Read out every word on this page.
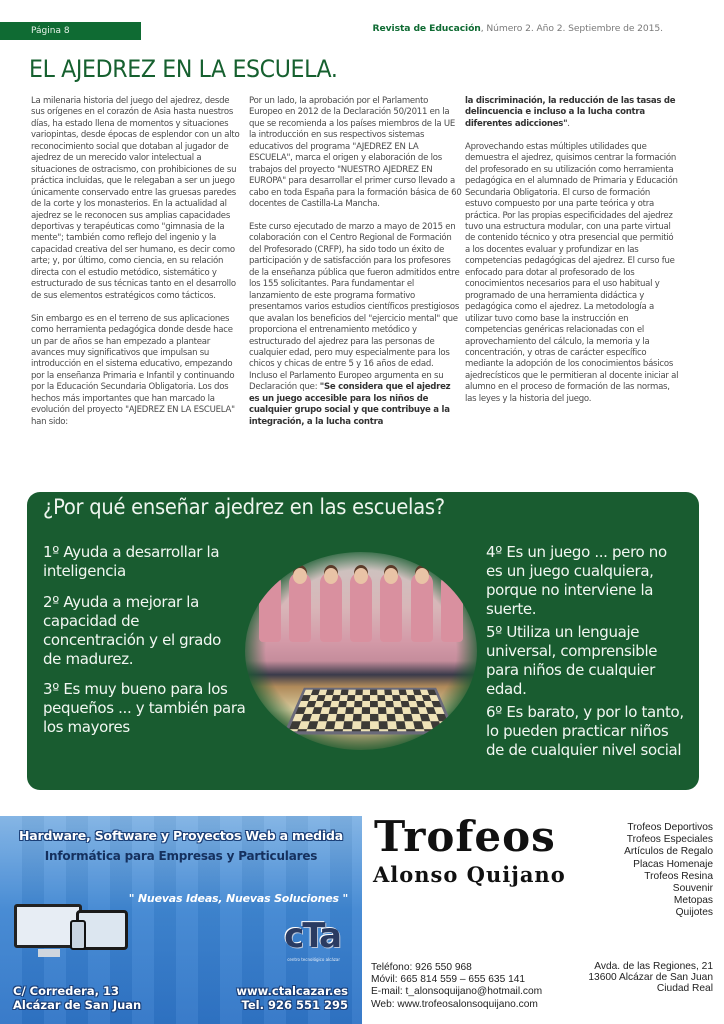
Página 8	Revista de Educación, Número 2. Año 2. Septiembre de 2015.
EL AJEDREZ EN LA ESCUELA.

La milenaria historia del juego del ajedrez, desde sus orígenes en el corazón de Asia hasta nuestros días, ha estado llena de momentos y situaciones variopintas, desde épocas de esplendor con un alto reconocimiento social que dotaban al jugador de ajedrez de un merecido valor intelectual a situaciones de ostracismo, con prohibiciones de su práctica incluidas, que le relegaban a ser un juego únicamente conservado entre las gruesas paredes de la corte y los monasterios. En la actualidad al ajedrez se le reconocen sus amplias capacidades deportivas y terapéuticas como "gimnasia de la mente"; también como reflejo del ingenio y la capacidad creativa del ser humano, es decir como arte; y, por último, como ciencia, en su relación directa con el estudio metódico, sistemático y estructurado de sus técnicas tanto en el desarrollo de sus elementos estratégicos como tácticos.

Sin embargo es en el terreno de sus aplicaciones como herramienta pedagógica donde desde hace un par de años se han empezado a plantear avances muy significativos que impulsan su introducción en el sistema educativo, empezando por la enseñanza Primaria e Infantil y continuando por la Educación Secundaria Obligatoria. Los dos hechos más importantes que han marcado la evolución del proyecto "AJEDREZ EN LA ESCUELA" han sido:

Por un lado, la aprobación por el Parlamento Europeo en 2012 de la Declaración 50/2011 en la que se recomienda a los países miembros de la UE la introducción en sus respectivos sistemas educativos del programa "AJEDREZ EN LA ESCUELA", marca el origen y elaboración de los trabajos del proyecto "NUESTRO AJEDREZ EN EUROPA" para desarrollar el primer curso llevado a cabo en toda España para la formación básica de 60 docentes de Castilla-La Mancha.

Este curso ejecutado de marzo a mayo de 2015 en colaboración con el Centro Regional de Formación del Profesorado (CRFP), ha sido todo un éxito de participación y de satisfacción para los profesores de la enseñanza pública que fueron admitidos entre los 155 solicitantes. Para fundamentar el lanzamiento de este programa formativo presentamos varios estudios científicos prestigiosos que avalan los beneficios del "ejercicio mental" que proporciona el entrenamiento metódico y estructurado del ajedrez para las personas de cualquier edad, pero muy especialmente para los chicos y chicas de entre 5 y 16 años de edad. Incluso el Parlamento Europeo argumenta en su Declaración que: "Se considera que el ajedrez es un juego accesible para los niños de cualquier grupo social y que contribuye a la integración, a la lucha contra

la discriminación, la reducción de las tasas de delincuencia e incluso a la lucha contra diferentes adicciones".

Aprovechando estas múltiples utilidades que demuestra el ajedrez, quisimos centrar la formación del profesorado en su utilización como herramienta pedagógica en el alumnado de Primaria y Educación Secundaria Obligatoria. El curso de formación estuvo compuesto por una parte teórica y otra práctica. Por las propias especificidades del ajedrez tuvo una estructura modular, con una parte virtual de contenido técnico y otra presencial que permitió a los docentes evaluar y profundizar en las competencias pedagógicas del ajedrez. El curso fue enfocado para dotar al profesorado de los conocimientos necesarios para el uso habitual y programado de una herramienta didáctica y pedagógica como el ajedrez. La metodología a utilizar tuvo como base la instrucción en competencias genéricas relacionadas con el aprovechamiento del cálculo, la memoria y la concentración, y otras de carácter específico mediante la adopción de los conocimientos básicos ajedrecísticos que le permitieran al docente iniciar al alumno en el proceso de formación de las normas, las leyes y la historia del juego.

¿Por qué enseñar ajedrez en las escuelas?
1º Ayuda a desarrollar la inteligencia
2º Ayuda a mejorar la capacidad de concentración y el grado de madurez.
3º Es muy bueno para los pequeños ... y también para los mayores
4º Es un juego ... pero no es un juego cualquiera, porque no interviene la suerte.
5º Utiliza un lenguaje universal, comprensible para niños de cualquier edad.
6º Es barato, y por lo tanto, lo pueden practicar niños de de cualquier nivel social
Hardware, Software y Proyectos Web a medida
Informática para Empresas y Particulares
" Nuevas Ideas, Nuevas Soluciones "
cTa
centro tecnológico alcázar
C/ Corredera, 13
Alcázar de San Juan
www.ctalcazar.es
Tel. 926 551 295
Trofeos
Alonso Quijano
Trofeos Deportivos
Trofeos Especiales
Artículos de Regalo
Placas Homenaje
Trofeos Resina
Souvenir
Metopas
Quijotes
Teléfono: 926 550 968
Móvil: 665 814 559 – 655 635 141
E-mail: t_alonsoquijano@hotmail.com
Web: www.trofeosalonsoquijano.com
Avda. de las Regiones, 21
13600 Alcázar de San Juan
Ciudad Real
